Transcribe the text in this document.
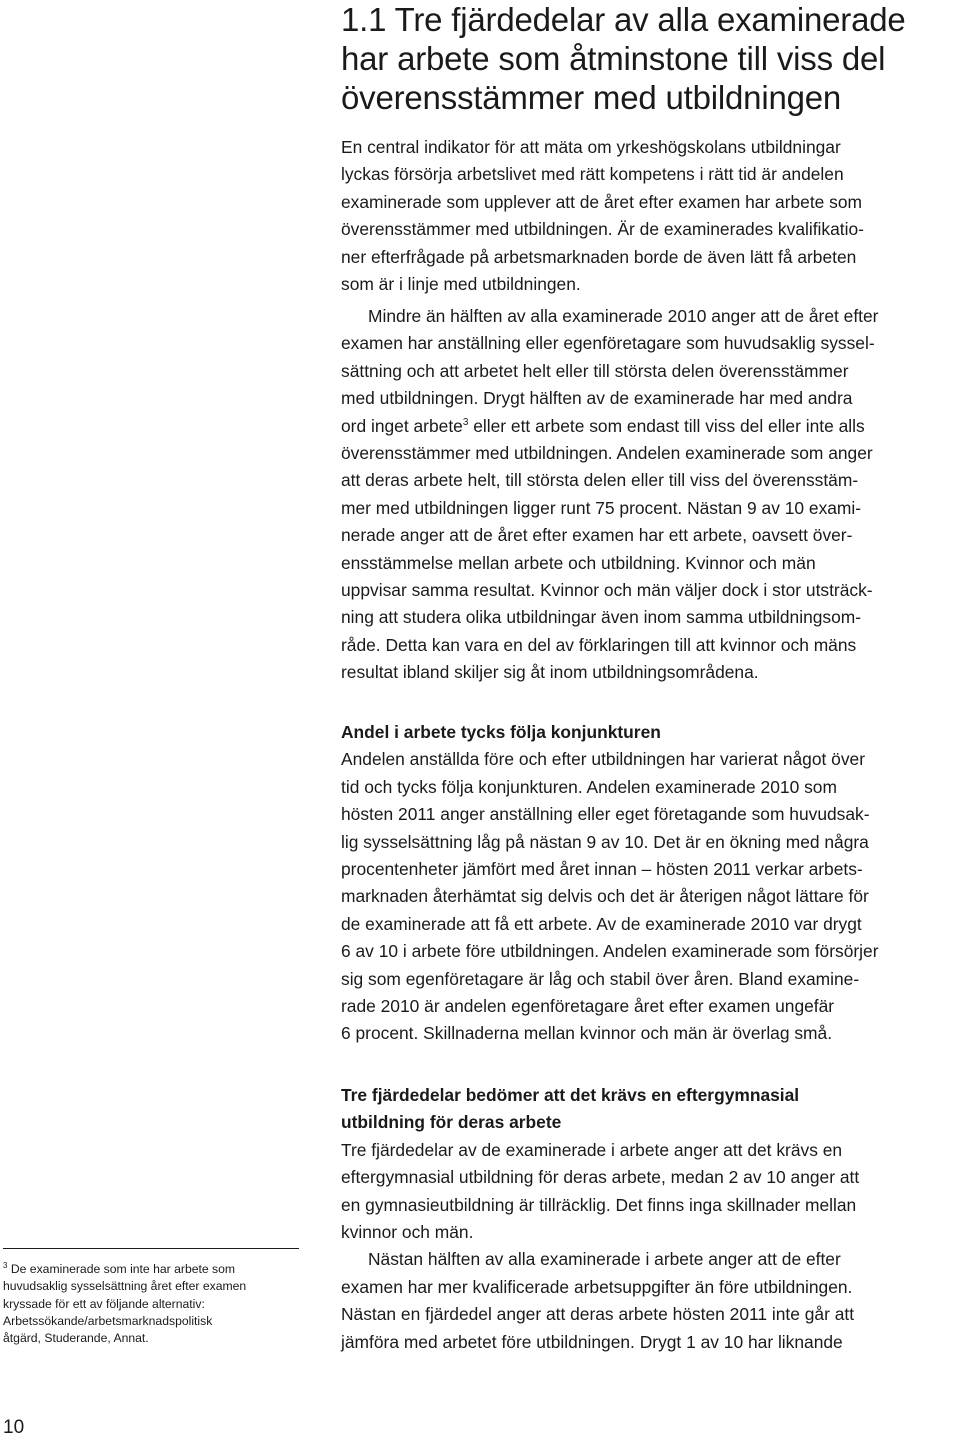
1.1 Tre fjärdedelar av alla examinerade
har arbete som åtminstone till viss del
överensstämmer med utbildningen
En central indikator för att mäta om yrkeshögskolans utbildningar
lyckas försörja arbetslivet med rätt kompetens i rätt tid är andelen
examinerade som upplever att de året efter examen har arbete som
överensstämmer med utbildningen. Är de examinerades kvalifikatio-
ner efterfrågade på arbetsmarknaden borde de även lätt få arbeten
som är i linje med utbildningen.
Mindre än hälften av alla examinerade 2010 anger att de året efter
examen har anställning eller egenföretagare som huvudsaklig syssel-
sättning och att arbetet helt eller till största delen överensstämmer
med utbildningen. Drygt hälften av de examinerade har med andra
ord inget arbete$^3$ eller ett arbete som endast till viss del eller inte alls
överensstämmer med utbildningen. Andelen examinerade som anger
att deras arbete helt, till största delen eller till viss del överensstäm-
mer med utbildningen ligger runt 75 procent. Nästan 9 av 10 exami-
nerade anger att de året efter examen har ett arbete, oavsett över-
ensstämmelse mellan arbete och utbildning. Kvinnor och män
uppvisar samma resultat. Kvinnor och män väljer dock i stor utsträck-
ning att studera olika utbildningar även inom samma utbildningsom-
råde. Detta kan vara en del av förklaringen till att kvinnor och mäns
resultat ibland skiljer sig åt inom utbildningsområdena.
Andel i arbete tycks följa konjunkturen
Andelen anställda före och efter utbildningen har varierat något över
tid och tycks följa konjunkturen. Andelen examinerade 2010 som
hösten 2011 anger anställning eller eget företagande som huvudsak-
lig sysselsättning låg på nästan 9 av 10. Det är en ökning med några
procentenheter jämfört med året innan – hösten 2011 verkar arbets-
marknaden återhämtat sig delvis och det är återigen något lättare för
de examinerade att få ett arbete. Av de examinerade 2010 var drygt
6 av 10 i arbete före utbildningen. Andelen examinerade som försörjer
sig som egenföretagare är låg och stabil över åren. Bland examine-
rade 2010 är andelen egenföretagare året efter examen ungefär
6 procent. Skillnaderna mellan kvinnor och män är överlag små.
Tre fjärdedelar bedömer att det krävs en eftergymnasial
utbildning för deras arbete
Tre fjärdedelar av de examinerade i arbete anger att det krävs en
eftergymnasial utbildning för deras arbete, medan 2 av 10 anger att
en gymnasieutbildning är tillräcklig. Det finns inga skillnader mellan
kvinnor och män.
Nästan hälften av alla examinerade i arbete anger att de efter
examen har mer kvalificerade arbetsuppgifter än före utbildningen.
Nästan en fjärdedel anger att deras arbete hösten 2011 inte går att
jämföra med arbetet före utbildningen. Drygt 1 av 10 har liknande
$^3$ De examinerade som inte har arbete som
huvudsaklig sysselsättning året efter examen
kryssade för ett av följande alternativ:
Arbetssökande/arbetsmarknadspolitisk
åtgärd, Studerande, Annat.
10
